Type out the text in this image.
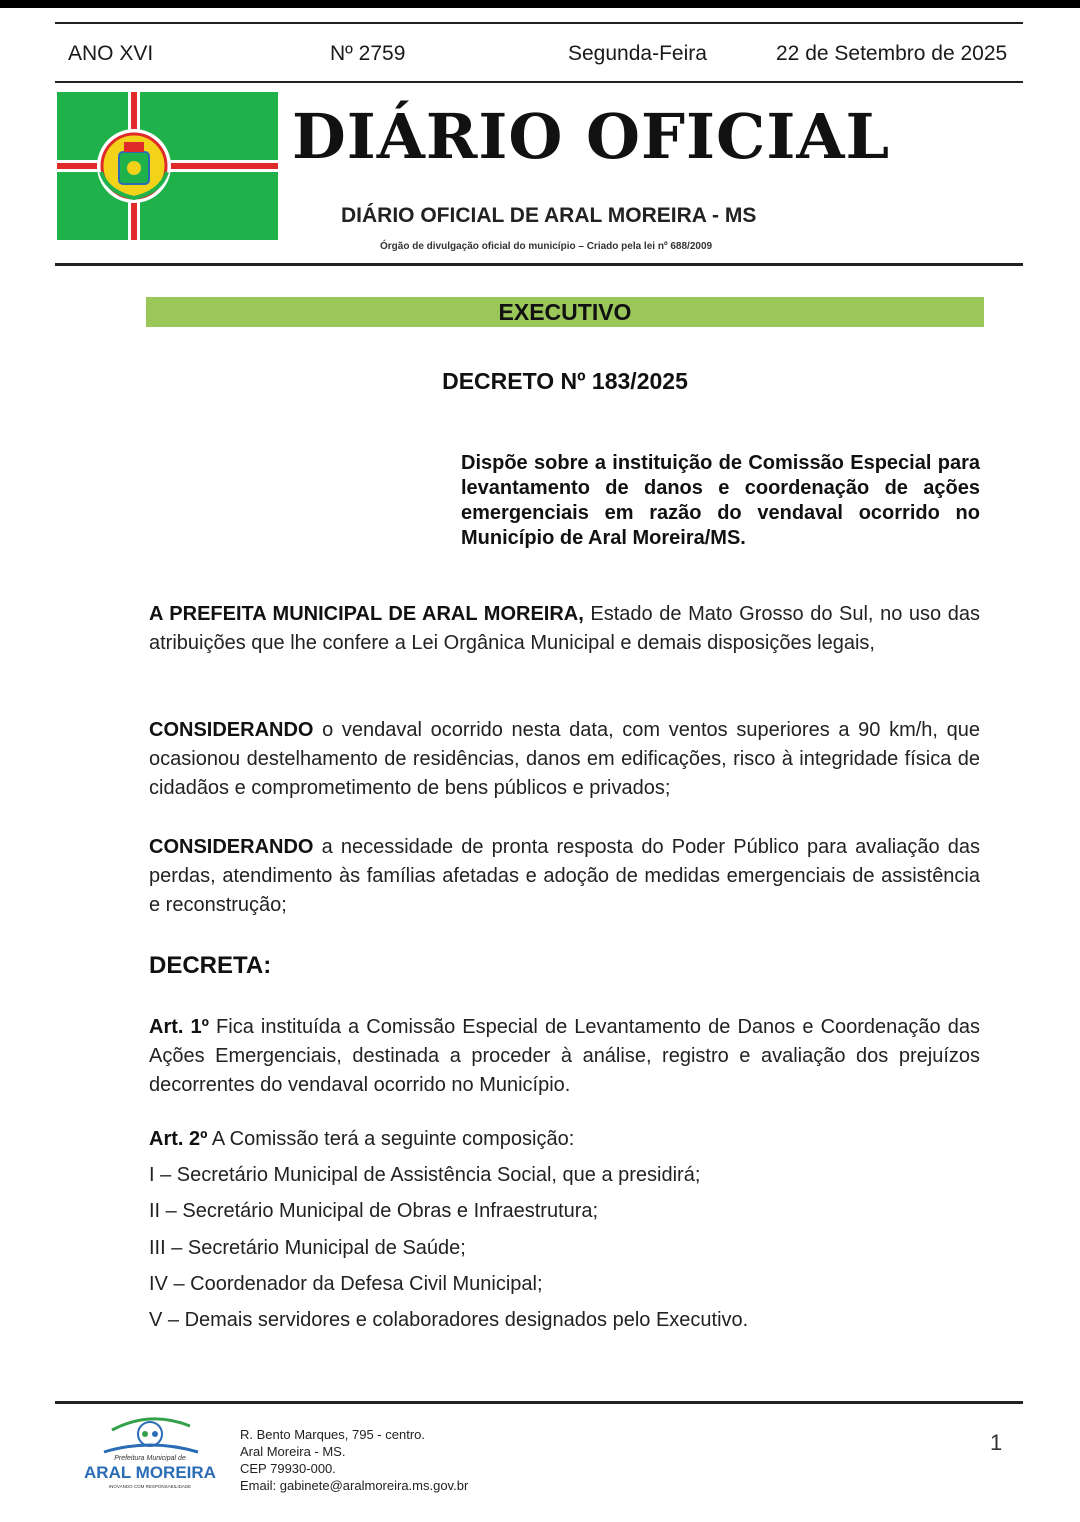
ANO XVI	Nº 2759	Segunda-Feira	22 de Setembro de 2025
DIÁRIO OFICIAL
DIÁRIO OFICIAL DE ARAL MOREIRA - MS
Órgão de divulgação oficial do município – Criado pela lei nº 688/2009
EXECUTIVO
DECRETO Nº 183/2025
Dispõe sobre a instituição de Comissão Especial para levantamento de danos e coordenação de ações emergenciais em razão do vendaval ocorrido no Município de Aral Moreira/MS.
A PREFEITA MUNICIPAL DE ARAL MOREIRA, Estado de Mato Grosso do Sul, no uso das atribuições que lhe confere a Lei Orgânica Municipal e demais disposições legais,
CONSIDERANDO o vendaval ocorrido nesta data, com ventos superiores a 90 km/h, que ocasionou destelhamento de residências, danos em edificações, risco à integridade física de cidadãos e comprometimento de bens públicos e privados;
CONSIDERANDO a necessidade de pronta resposta do Poder Público para avaliação das perdas, atendimento às famílias afetadas e adoção de medidas emergenciais de assistência e reconstrução;
DECRETA:
Art. 1º Fica instituída a Comissão Especial de Levantamento de Danos e Coordenação das Ações Emergenciais, destinada a proceder à análise, registro e avaliação dos prejuízos decorrentes do vendaval ocorrido no Município.
Art. 2º A Comissão terá a seguinte composição:
I – Secretário Municipal de Assistência Social, que a presidirá;
II – Secretário Municipal de Obras e Infraestrutura;
III – Secretário Municipal de Saúde;
IV – Coordenador da Defesa Civil Municipal;
V – Demais servidores e colaboradores designados pelo Executivo.
Prefeitura Municipal de
ARAL MOREIRA
INOVANDO COM RESPONSABILIDADE
R. Bento Marques, 795 - centro.
Aral Moreira - MS.
CEP 79930-000.
Email: gabinete@aralmoreira.ms.gov.br
1
